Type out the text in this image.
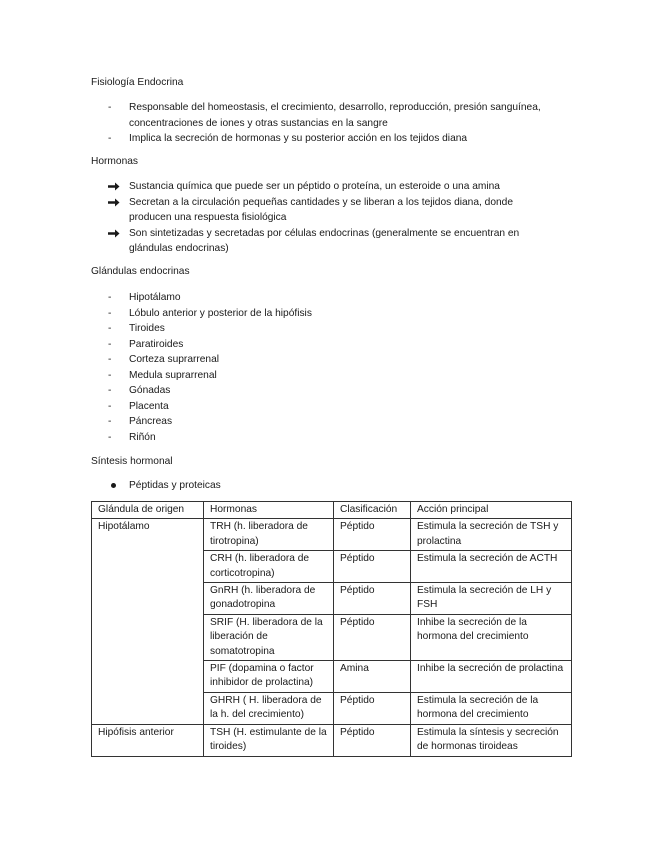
Fisiología Endocrina
-	Responsable del homeostasis, el crecimiento, desarrollo, reproducción, presión sanguínea, concentraciones de iones y otras sustancias en la sangre
-	Implica la secreción de hormonas y su posterior acción en los tejidos diana
Hormonas
Sustancia química que puede ser un péptido o proteína, un esteroide o una amina
Secretan a la circulación pequeñas cantidades y se liberan a los tejidos diana, donde producen una respuesta fisiológica
Son sintetizadas y secretadas por células endocrinas (generalmente se encuentran en glándulas endocrinas)
Glándulas endocrinas
-	Hipotálamo
-	Lóbulo anterior y posterior de la hipófisis
-	Tiroides
-	Paratiroides
-	Corteza suprarrenal
-	Medula suprarrenal
-	Gónadas
-	Placenta
-	Páncreas
-	Riñón
Síntesis hormonal
Péptidas y proteicas
Glándula de origen	Hormonas	Clasificación	Acción principal
Hipotálamo	TRH (h. liberadora de tirotropina)	Péptido	Estimula la secreción de TSH y prolactina
	CRH (h. liberadora de corticotropina)	Péptido	Estimula la secreción de ACTH
	GnRH (h. liberadora de gonadotropina	Péptido	Estimula la secreción de LH y FSH
	SRIF (H. liberadora de la liberación de somatotropina	Péptido	Inhibe la secreción de la hormona del crecimiento
	PIF (dopamina o factor inhibidor de prolactina)	Amina	Inhibe la secreción de prolactina
	GHRH ( H. liberadora de la h. del crecimiento)	Péptido	Estimula la secreción de la hormona del crecimiento
Hipófisis anterior	TSH (H. estimulante de la tiroides)	Péptido	Estimula la síntesis y secreción de hormonas tiroideas
